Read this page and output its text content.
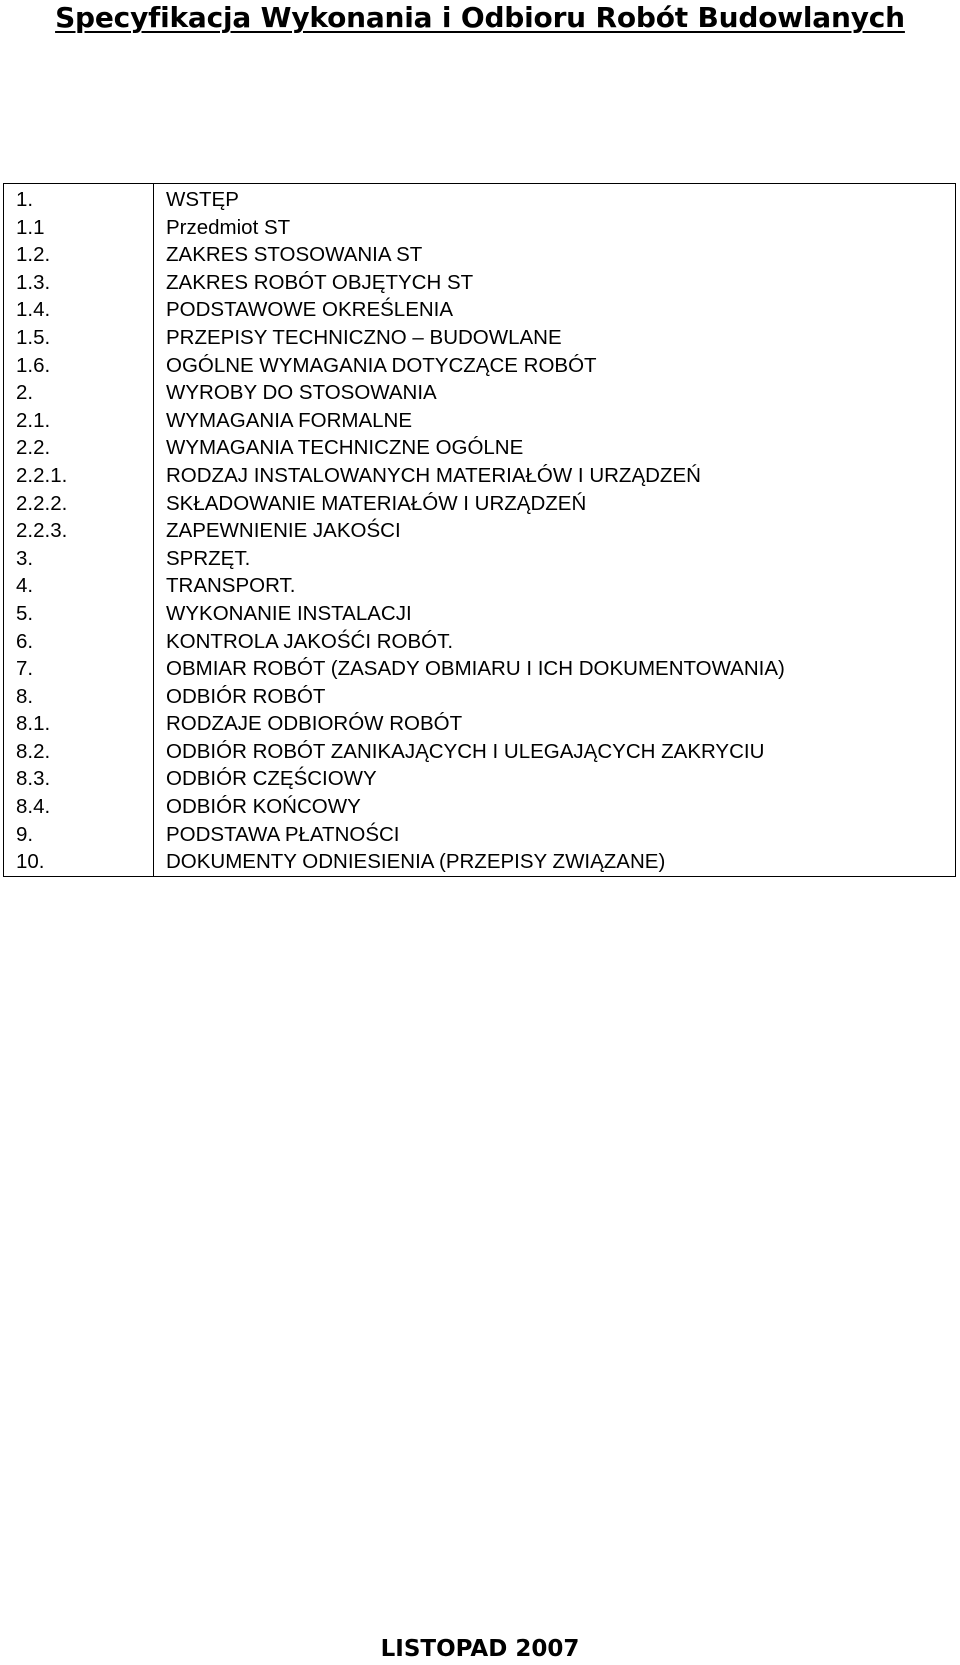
Specyfikacja Wykonania i Odbioru Robót Budowlanych
1.	WSTĘP
1.1	Przedmiot ST
1.2.	ZAKRES STOSOWANIA ST
1.3.	ZAKRES ROBÓT OBJĘTYCH ST
1.4.	PODSTAWOWE OKREŚLENIA
1.5.	PRZEPISY TECHNICZNO – BUDOWLANE
1.6.	OGÓLNE WYMAGANIA DOTYCZĄCE ROBÓT
2.	WYROBY DO STOSOWANIA
2.1.	WYMAGANIA FORMALNE
2.2.	WYMAGANIA TECHNICZNE OGÓLNE
2.2.1.	RODZAJ INSTALOWANYCH MATERIAŁÓW I URZĄDZEŃ
2.2.2.	SKŁADOWANIE MATERIAŁÓW I URZĄDZEŃ
2.2.3.	ZAPEWNIENIE JAKOŚCI
3.	SPRZĘT.
4.	TRANSPORT.
5.	WYKONANIE INSTALACJI
6.	KONTROLA JAKOŚĆI ROBÓT.
7.	OBMIAR ROBÓT (ZASADY OBMIARU I ICH DOKUMENTOWANIA)
8.	ODBIÓR ROBÓT
8.1.	RODZAJE ODBIORÓW ROBÓT
8.2.	ODBIÓR ROBÓT ZANIKAJĄCYCH I ULEGAJĄCYCH ZAKRYCIU
8.3.	ODBIÓR CZĘŚCIOWY
8.4.	ODBIÓR KOŃCOWY
9.	PODSTAWA PŁATNOŚCI
10.	DOKUMENTY ODNIESIENIA (PRZEPISY ZWIĄZANE)
LISTOPAD 2007
